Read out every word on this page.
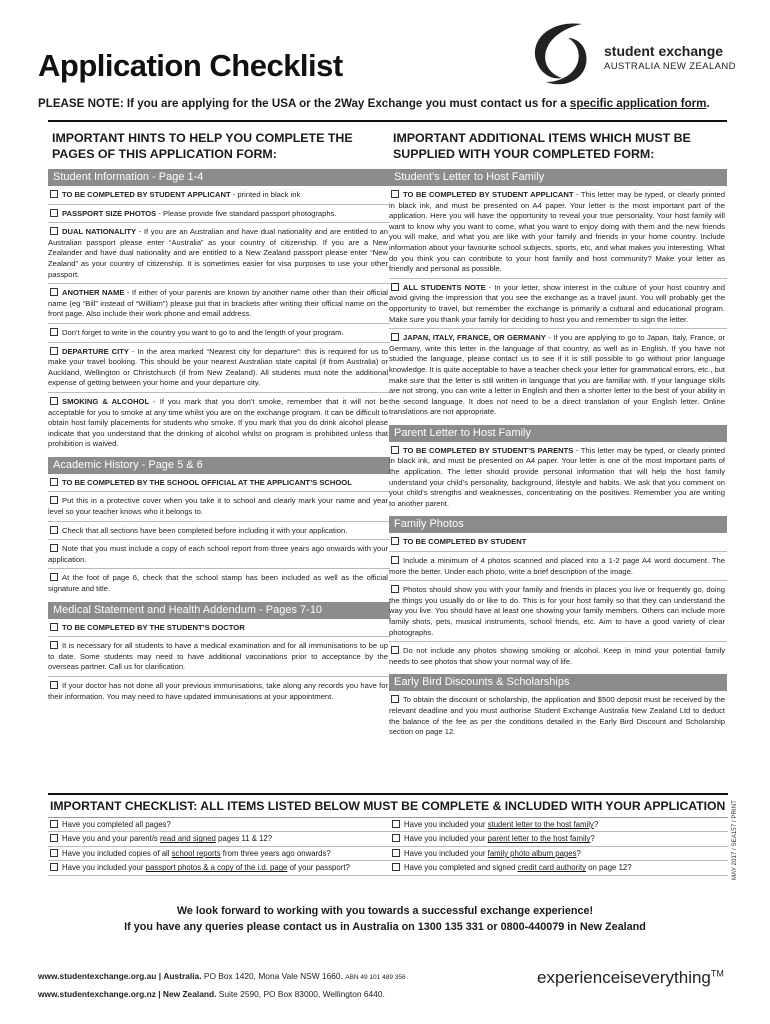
Application Checklist	student exchange
AUSTRALIA NEW ZEALAND
PLEASE NOTE: If you are applying for the USA or the 2Way Exchange you must contact us for a specific application form.
IMPORTANT HINTS TO HELP YOU COMPLETE THE PAGES OF THIS APPLICATION FORM:
Student Information - Page 1-4
TO BE COMPLETED BY STUDENT APPLICANT - printed in black ink
PASSPORT SIZE PHOTOS - Please provide five standard passport photographs.
DUAL NATIONALITY - If you are an Australian and have dual nationality and are entitled to an Australian passport please enter “Australia” as your country of citizenship. If you are a New Zealander and have dual nationality and are entitled to a New Zealand passport please enter “New Zealand” as your country of citizenship. It is sometimes easier for visa purposes to use your other passport.
ANOTHER NAME - If either of your parents are known by another name other than their official name (eg “Bill” instead of “William”) please put that in brackets after writing their official name on the front page. Also include their work phone and email address.
Don’t forget to write in the country you want to go to and the length of your program.
DEPARTURE CITY - In the area marked “Nearest city for departure”: this is required for us to make your travel booking. This should be your nearest Australian state capital (if from Australia) or Auckland, Wellington or Christchurch (if from New Zealand). All students must note the additional expense of getting between your home and your departure city.
SMOKING & ALCOHOL - If you mark that you don’t smoke, remember that it will not be acceptable for you to smoke at any time whilst you are on the exchange program. It can be difficult to obtain host family placements for students who smoke. If you mark that you do drink alcohol please indicate that you understand that the drinking of alcohol whilst on program is prohibited unless that prohibition is waived.
Academic History - Page 5 & 6
TO BE COMPLETED BY THE SCHOOL OFFICIAL AT THE APPLICANT’S SCHOOL
Put this in a protective cover when you take it to school and clearly mark your name and year level so your teacher knows who it belongs to.
Check that all sections have been completed before including it with your application.
Note that you must include a copy of each school report from three years ago onwards with your application.
At the foot of page 6, check that the school stamp has been included as well as the official signature and title.
Medical Statement and Health Addendum - Pages 7-10
TO BE COMPLETED BY THE STUDENT’S DOCTOR
It is necessary for all students to have a medical examination and for all immunisations to be up to date. Some students may need to have additional vaccinations prior to acceptance by the overseas partner. Call us for clarification.
If your doctor has not done all your previous immunisations, take along any records you have for their information. You may need to have updated immunisations at your appointment.
IMPORTANT ADDITIONAL ITEMS WHICH MUST BE SUPPLIED WITH YOUR COMPLETED FORM:
Student’s Letter to Host Family
TO BE COMPLETED BY STUDENT APPLICANT - This letter may be typed, or clearly printed in black ink, and must be presented on A4 paper. Your letter is the most important part of the application. Here you will have the opportunity to reveal your true personality. Your host family will want to know why you want to come, what you want to enjoy doing with them and the new friends you will make, and what you are like with your family and friends in your home country. Include information about your favourite school subjects, sports, etc, and what makes you interesting. What do you think you can contribute to your host family and host community? Make your letter as friendly and personal as possible.
ALL STUDENTS NOTE - In your letter, show interest in the culture of your host country and avoid giving the impression that you see the exchange as a travel jaunt. You will probably get the opportunity to travel, but remember the exchange is primarily a cultural and educational program. Make sure you thank your family for deciding to host you and remember to sign the letter.
JAPAN, ITALY, FRANCE, OR GERMANY - If you are applying to go to Japan, Italy, France, or Germany, write this letter in the language of that country, as well as in English. If you have not studied the language, please contact us to see if it is still possible to go without prior language knowledge. It is quite acceptable to have a teacher check your letter for grammatical errors, etc., but make sure that the letter is still written in language that you are familiar with. If your language skills are not strong, you can write a letter in English and then a shorter letter to the best of your ability in the second language. It does not need to be a direct translation of your English letter. Online translations are not appropriate.
Parent Letter to Host Family
TO BE COMPLETED BY STUDENT’S PARENTS - This letter may be typed, or clearly printed in black ink, and must be presented on A4 paper. Your letter is one of the most important parts of the application. The letter should provide personal information that will help the host family understand your child’s personality, background, lifestyle and habits. We ask that you comment on your child’s strengths and weaknesses, concentrating on the positives. Remember you are writing to another parent.
Family Photos
TO BE COMPLETED BY STUDENT
Include a minimum of 4 photos scanned and placed into a 1-2 page A4 word document. The more the better. Under each photo, write a brief description of the image.
Photos should show you with your family and friends in places you live or frequently go, doing the things you usually do or like to do. This is for your host family so that they can understand the way you live. You should have at least one showing your family members. Others can include more family shots, pets, musical instruments, school friends, etc. Aim to have a good variety of clear photographs.
Do not include any photos showing smoking or alcohol. Keep in mind your potential family needs to see photos that show your normal way of life.
Early Bird Discounts & Scholarships
To obtain the discount or scholarship, the application and $500 deposit must be received by the relevant deadline and you must authorise Student Exchange Australia New Zealand Ltd to deduct the balance of the fee as per the conditions detailed in the Early Bird Discount and Scholarship section on page 12.
IMPORTANT CHECKLIST: ALL ITEMS LISTED BELOW MUST BE COMPLETE & INCLUDED WITH YOUR APPLICATION
Have you completed all pages?
Have you and your parent/s read and signed pages 11 & 12?
Have you included copies of all school reports from three years ago onwards?
Have you included your passport photos & a copy of the i.d. page of your passport?
Have you included your student letter to the host family?
Have you included your parent letter to the host family?
Have you included your family photo album pages?
Have you completed and signed credit card authority on page 12?	MAY 2017 / SEA157 / PRINT
We look forward to working with you towards a successful exchange experience!
If you have any queries please contact us in Australia on 1300 135 331 or 0800-440079 in New Zealand
www.studentexchange.org.au | Australia. PO Box 1420, Mona Vale NSW 1660. ABN 49 101 489 356
www.studentexchange.org.nz | New Zealand. Suite 2590, PO Box 83000, Wellington 6440.
experienceiseverything™
